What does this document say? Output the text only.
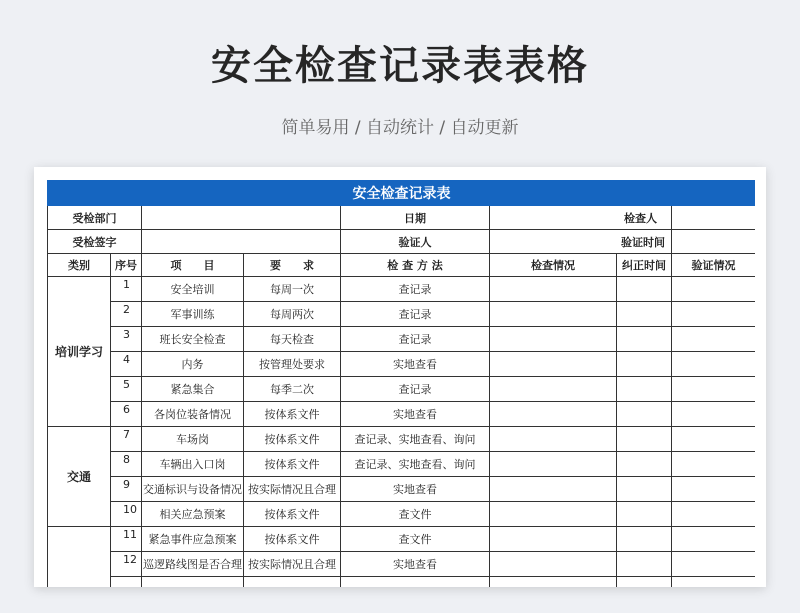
安全检查记录表表格
简单易用 / 自动统计 / 自动更新
安全检查记录表							
受检部门				日期	检查人		
受检签字				验证人	验证时间		
类别	序号	项　　目	要　　求	检 查 方 法	检查情况	纠正时间	验证情况
培训学习	1	安全培训	每周一次	查记录			
	2	军事训练	每周两次	查记录			
	3	班长安全检查	每天检查	查记录			
	4	内务	按管理处要求	实地查看			
	5	紧急集合	每季二次	查记录			
	6	各岗位装备情况	按体系文件	实地查看			
交通	7	车场岗	按体系文件	查记录、实地查看、询问			
	8	车辆出入口岗	按体系文件	查记录、实地查看、询问			
	9	交通标识与设备情况	按实际情况且合理	实地查看			
	10	相关应急预案	按体系文件	查文件			
	11	紧急事件应急预案	按体系文件	查文件			
	12	巡逻路线图是否合理	按实际情况且合理	实地查看			
